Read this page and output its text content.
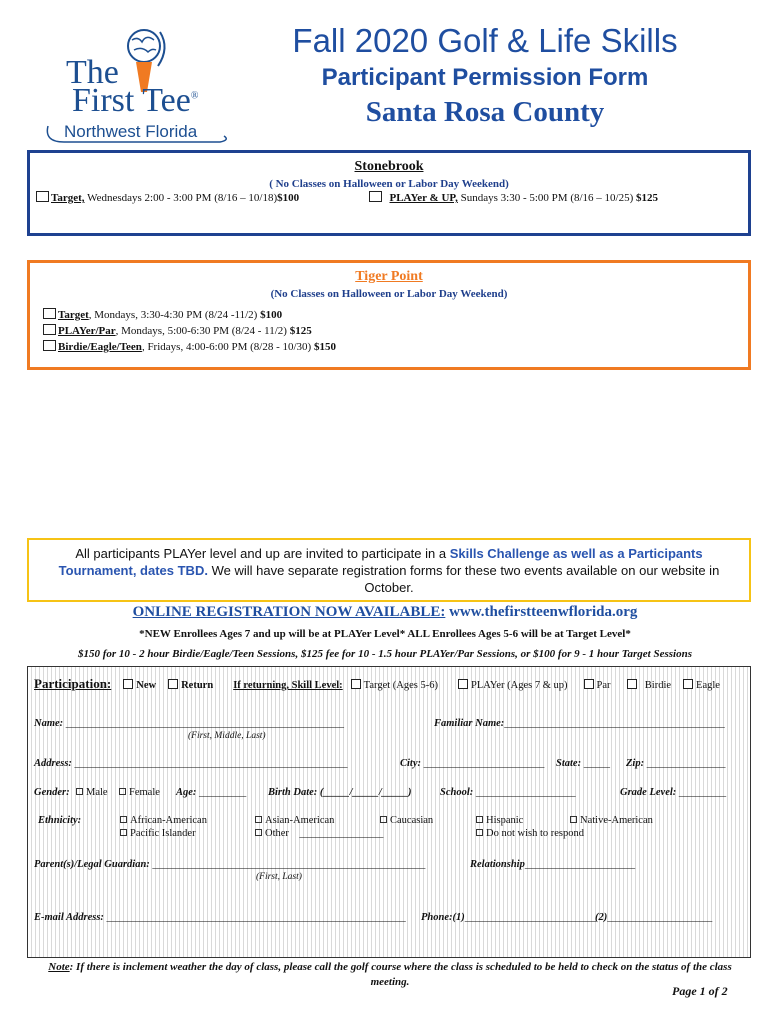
The
First Tee®
Northwest Florida
Fall 2020 Golf & Life Skills
Participant Permission Form
Santa Rosa County
Stonebrook
( No Classes on Halloween or Labor Day Weekend)
Target, Wednesdays 2:00 - 3:00 PM (8/16 – 10/18)$100	PLAYer & UP, Sundays 3:30 - 5:00 PM (8/16 – 10/25) $125
Tiger Point
(No Classes on Halloween or Labor Day Weekend)
Target, Mondays, 3:30-4:30 PM (8/24 -11/2) $100
PLAYer/Par, Mondays, 5:00-6:30 PM (8/24 - 11/2) $125
Birdie/Eagle/Teen, Fridays, 4:00-6:00 PM (8/28 - 10/30) $150
All participants PLAYer level and up are invited to participate in a Skills Challenge as well as a Participants Tournament, dates TBD. We will have separate registration forms for these two events available on our website in October.
ONLINE REGISTRATION NOW AVAILABLE: www.thefirstteenwflorida.org
*NEW Enrollees Ages 7 and up will be at PLAYer Level* ALL Enrollees Ages 5-6 will be at Target Level*
$150 for 10 - 2 hour Birdie/Eagle/Teen Sessions, $125 fee for 10 - 1.5 hour PLAYer/Par Sessions, or $100 for 9 - 1 hour Target Sessions
Participation: New Return If returning, Skill Level: Target (Ages 5-6)	PLAYer (Ages 7 & up)	Par	Birdie Eagle
Name: _____________________________________________________
(First, Middle, Last)
Familiar Name:__________________________________________
Address: ____________________________________________________	City: _______________________ State: _____ Zip: _______________
Gender:	Male	Female Age: _________ Birth Date: (_____/_____/_____)	School: ___________________	Grade Level: _________
Ethnicity:	African-American	Asian-American	Caucasian	Hispanic	Native-American
Pacific Islander	Other ________________	Do not wish to respond
Parent(s)/Legal Guardian: ____________________________________________________
(First, Last)
Relationship_____________________
E-mail Address: _________________________________________________________ Phone:(1)_________________________ (2)____________________
Note: If there is inclement weather the day of class, please call the golf course where the class is scheduled to be held to check on the status of the class meeting.
Page 1 of 2
